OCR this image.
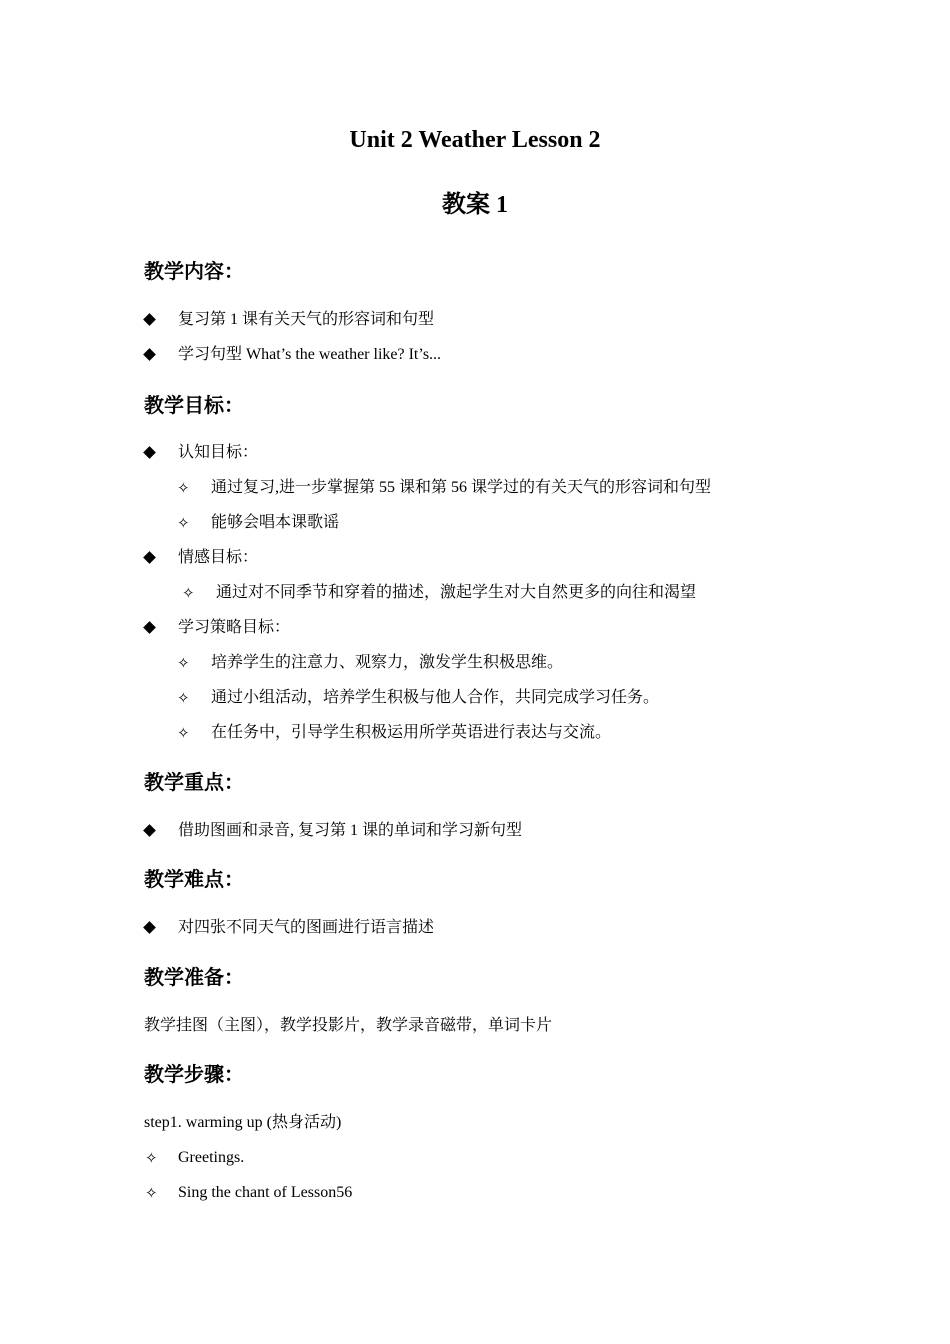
Unit 2 Weather Lesson 2
教案 1
教学内容：
复习第 1 课有关天气的形容词和句型
学习句型 What’s the weather like? It’s...
教学目标：
认知目标：
✧ 通过复习,进一步掌握第 55 课和第 56 课学过的有关天气的形容词和句型
✧ 能够会唱本课歌谣
情感目标：
✧ 通过对不同季节和穿着的描述，激起学生对大自然更多的向往和渴望
学习策略目标：
✧ 培养学生的注意力、观察力，激发学生积极思维。
✧ 通过小组活动，培养学生积极与他人合作，共同完成学习任务。
✧ 在任务中，引导学生积极运用所学英语进行表达与交流。
教学重点：
借助图画和录音, 复习第 1 课的单词和学习新句型
教学难点：
对四张不同天气的图画进行语言描述
教学准备：
教学挂图（主图），教学投影片，教学录音磁带，单词卡片
教学步骤：
step1. warming up (热身活动)
✧ Greetings.
✧ Sing the chant of Lesson56
